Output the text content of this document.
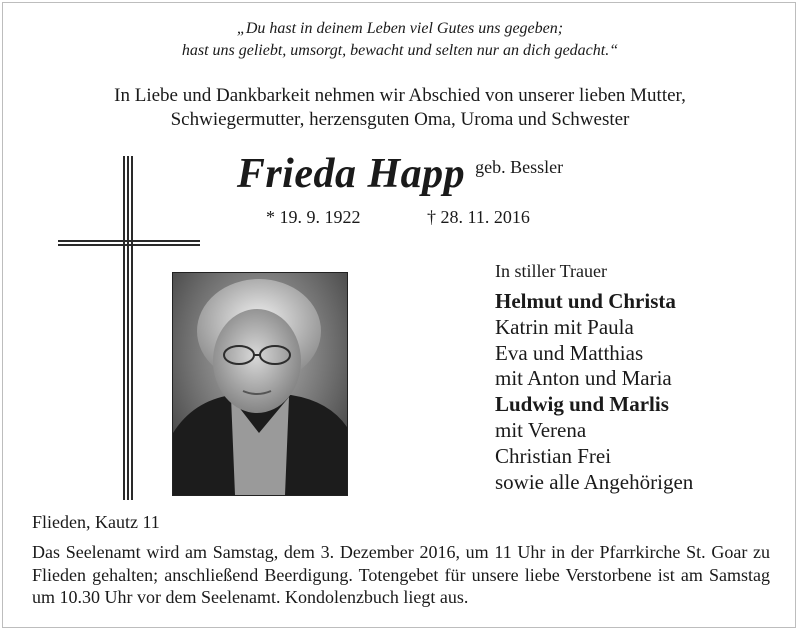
„Du hast in deinem Leben viel Gutes uns gegeben;
hast uns geliebt, umsorgt, bewacht und selten nur an dich gedacht.“
In Liebe und Dankbarkeit nehmen wir Abschied von unserer lieben Mutter,
Schwiegermutter, herzensguten Oma, Uroma und Schwester
Frieda Happ geb. Bessler
* 19. 9. 1922	† 28. 11. 2016
In stiller Trauer
Helmut und Christa
Katrin mit Paula
Eva und Matthias
mit Anton und Maria
Ludwig und Marlis
mit Verena
Christian Frei
sowie alle Angehörigen
Flieden, Kautz 11
Das Seelenamt wird am Samstag, dem 3. Dezember 2016, um 11 Uhr in der Pfarrkirche St. Goar zu Flieden gehalten; anschließend Beerdigung. Totengebet für unsere liebe Verstorbene ist am Samstag um 10.30 Uhr vor dem Seelenamt. Kondolenzbuch liegt aus.
